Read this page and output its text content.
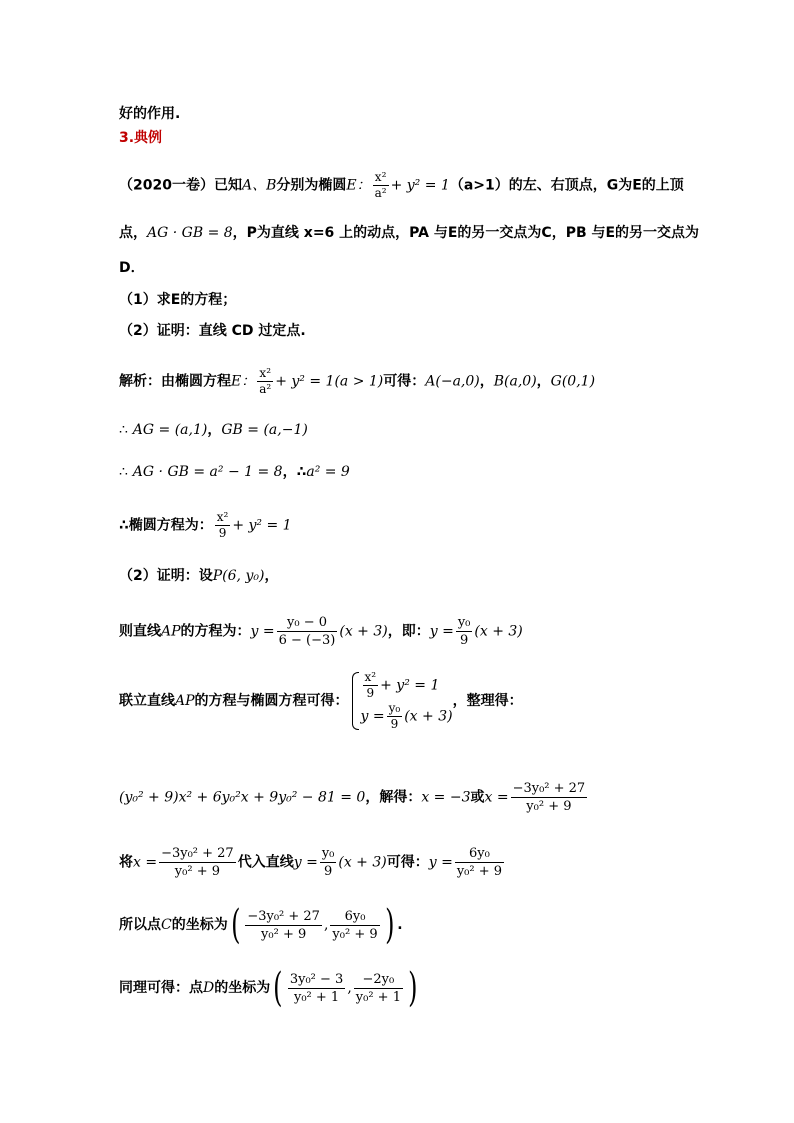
好的作用.
3.典例
（2020一卷）已知A、B分别为椭圆E： $\frac{\text{x²}}{\text{a²}} + y^2 = 1(a>1)$的左、右顶点，G为E的上顶
点，AG · GB = 8，P为直线 x=6 上的动点，PA 与E的另一交点为C，PB 与E的另一交点为
D．
（1）求E的方程；
（2）证明：直线 CD 过定点.
解析：由椭圆方程E： $\frac{\text{x²}}{\text{a²}} + y^2 = 1(a > 1)$可得：A(−a,0)，B(a,0)，G(0,1)
∴ AG = (a,1)，GB = (a,−1)
∴ AG · GB = a² − 1 = 8，∴a² = 9
∴椭圆方程为： $\frac{\text{x²}}{9} + y^2 = 1$
（2）证明：设P(6, y₀)，
则直线AP的方程为：$y = \frac{\text{y₀ − 0}}{6 - (-3)} (x + 3)$，即：$y = \frac{\text{y₀}}{9} (x + 3)$
联立直线AP的方程与椭圆方程可得： $\frac{\text{x²}}{9} + y^2 = 1$
$y = \frac{\text{y₀}}{9} (x + 3)$
，整理得：
(y₀² + 9)x² + 6y₀²x + 9y₀² − 81 = 0，解得：x = −3或$x = \frac{\text{−3y₀² + 27}}{\text{y₀² + 9}}$
将$x = \frac{\text{−3y₀² + 27}}{\text{y₀² + 9}}$ 代入直线$y = \frac{\text{y₀}}{9} (x + 3)$可得：$y = \frac{\text{6y₀}}{\text{y₀² + 9}}$
所以点C的坐标为( $\frac{\text{−3y₀² + 27}}{\text{y₀² + 9}}$ , $\frac{\text{6y₀}}{\text{y₀² + 9}}$ ) .
同理可得：点D的坐标为( $\frac{\text{3y₀² − 3}}{\text{y₀² + 1}}$ , $\frac{\text{−2y₀}}{\text{y₀² + 1}}$ )
